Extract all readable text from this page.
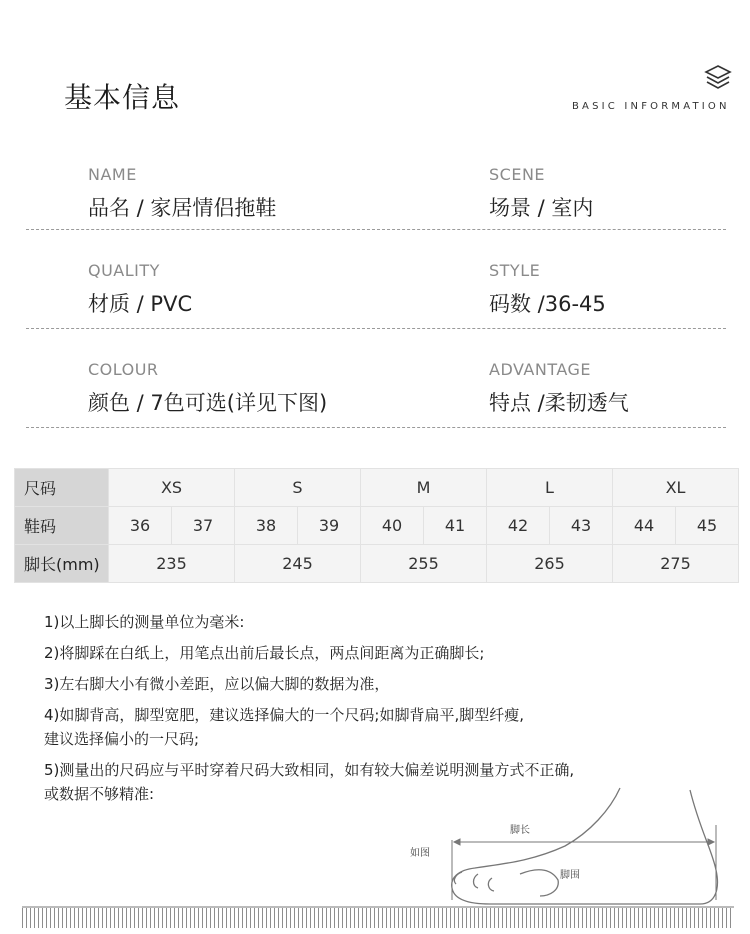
基本信息	BASIC INFORMATION
NAME
品名 / 家居情侣拖鞋
SCENE
场景 / 室内
QUALITY
材质 / PVC
STYLE
码数 /36-45
COLOUR
颜色 / 7色可选(详见下图)
ADVANTAGE
特点 /柔韧透气
尺码	XS		S		M		L		XL	
鞋码	36	37	38	39	40	41	42	43	44	45
脚长(mm)	235		245		255		265		275	

1)以上脚长的测量单位为毫米:

2)将脚踩在白纸上，用笔点出前后最长点，两点间距离为正确脚长;

3)左右脚大小有微小差距，应以偏大脚的数据为准，

4)如脚背高，脚型宽肥，建议选择偏大的一个尺码;如脚背扁平,脚型纤瘦,

建议选择偏小的一尺码;

5)测量出的尺码应与平时穿着尺码大致相同，如有较大偏差说明测量方式不正确,

或数据不够精准:

如图
脚长
脚围
